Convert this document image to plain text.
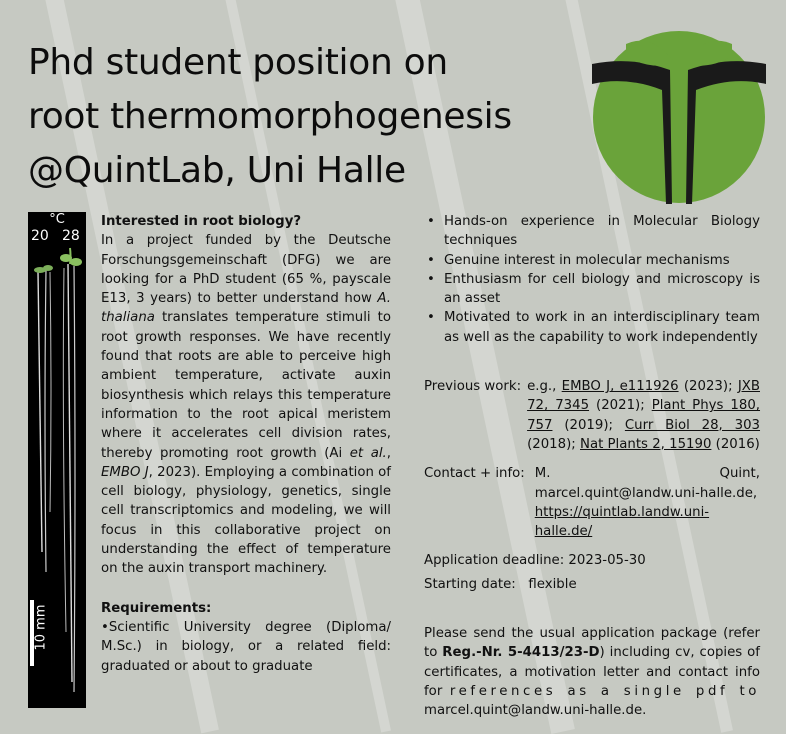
Phd student position on
root thermomorphogenesis
@QuintLab, Uni Halle
°C
20 28
10 mm

Interested in root biology?

In a project funded by the Deutsche Forschungsgemeinschaft (DFG) we are looking for a PhD student (65 %, payscale E13, 3 years) to better understand how A. thaliana translates temperature stimuli to root growth responses. We have recently found that roots are able to perceive high ambient temperature, activate auxin biosynthesis which relays this temperature information to the root apical meristem where it accelerates cell division rates, thereby promoting root growth (Ai et al., EMBO J, 2023). Employing a combination of cell biology, physiology, genetics, single cell transcriptomics and modeling, we will focus in this collaborative project on understanding the effect of temperature on the auxin transport machinery.

Requirements:

•Scientific University degree (Diploma/ M.Sc.) in biology, or a related field: graduated or about to graduate

• Hands-on experience in Molecular Biology techniques
• Genuine interest in molecular mechanisms
• Enthusiasm for cell biology and microscopy is an asset
• Motivated to work in an interdisciplinary team as well as the capability to work independently
Previous work: e.g., EMBO J, e111926 (2023); JXB 72, 7345 (2021); Plant Phys 180, 757 (2019); Curr Biol 28, 303 (2018); Nat Plants 2, 15190 (2016)
Contact + info: M. Quint, marcel.quint@landw.uni-halle.de, https://quintlab.landw.uni-halle.de/
Application deadline: 2023-05-30
Starting date: flexible
Please send the usual application package (refer to Reg.-Nr. 5-4413/23-D) including cv, copies of certificates, a motivation letter and contact info for references as a single pdf to marcel.quint@landw.uni-halle.de.
